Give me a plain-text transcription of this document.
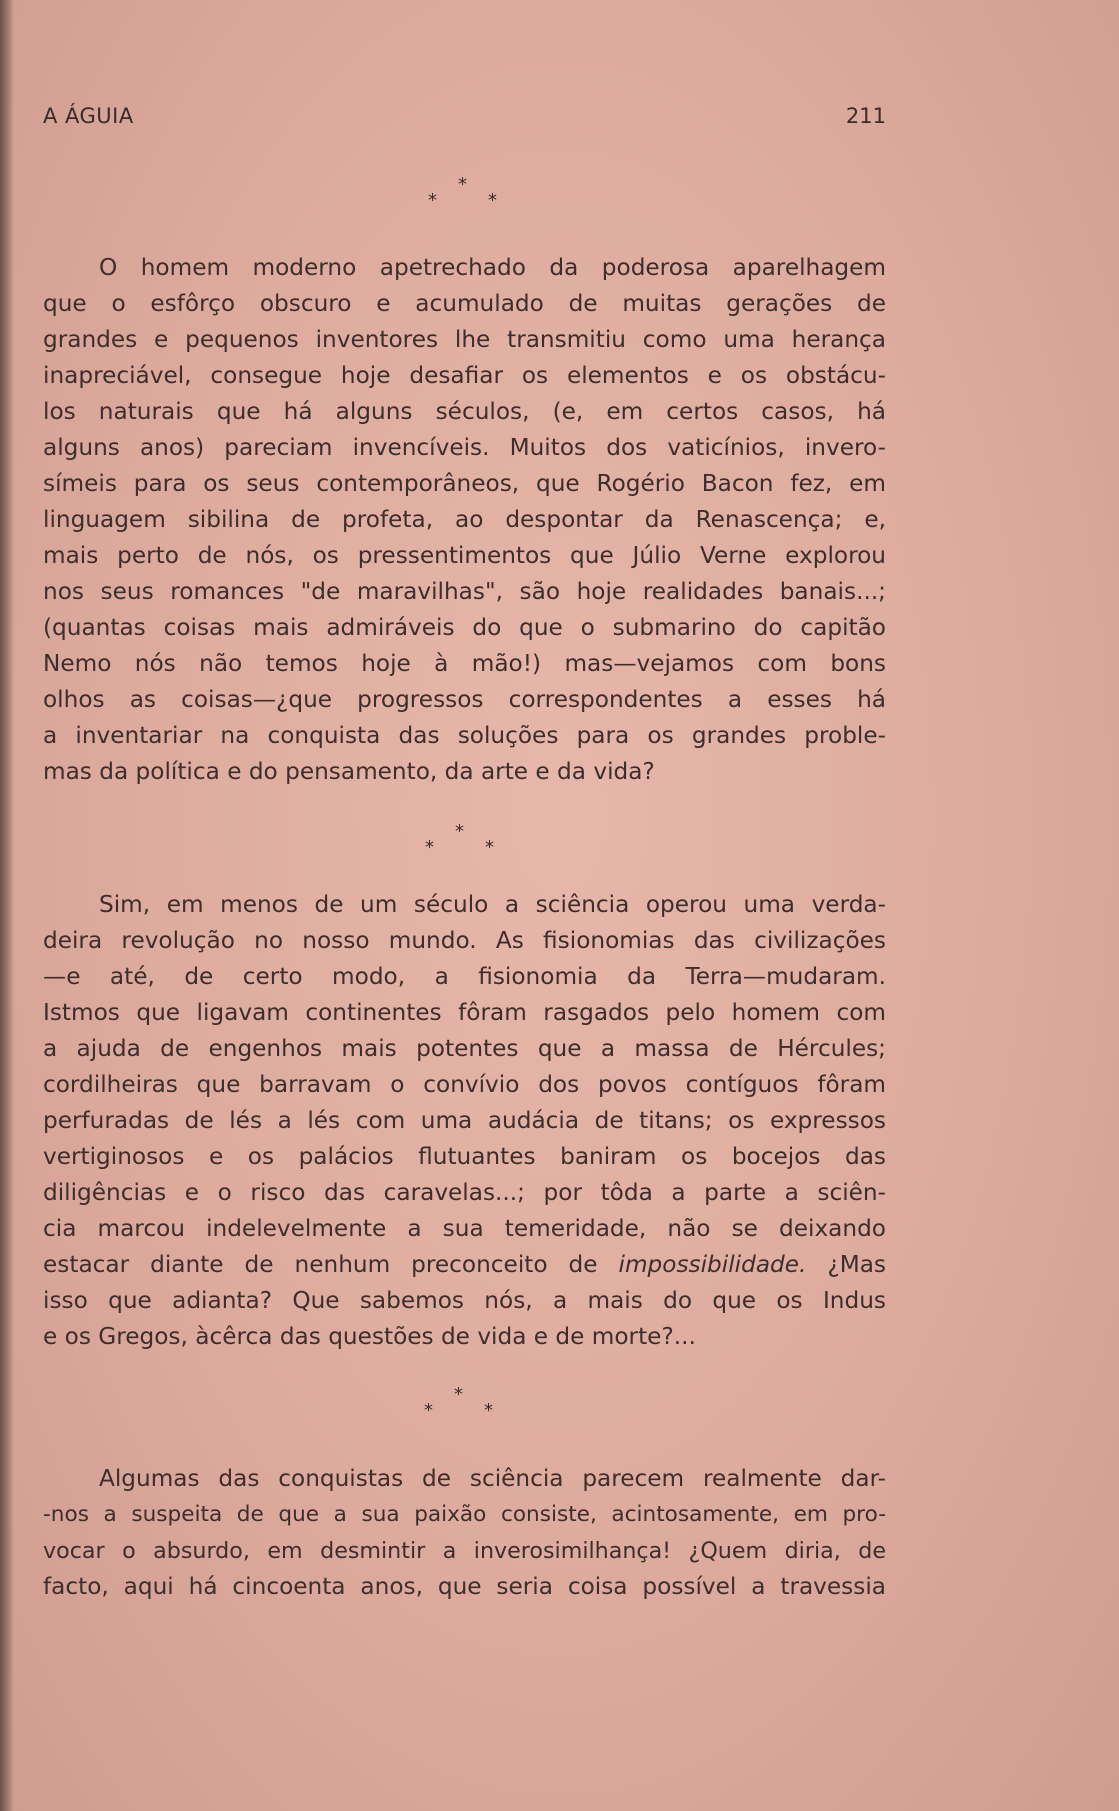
A ÁGUIA	211
*
*	*
O homem moderno apetrechado da poderosa aparelhagem
que o esfôrço obscuro e acumulado de muitas gerações de
grandes e pequenos inventores lhe transmitiu como uma herança
inapreciável, consegue hoje desafiar os elementos e os obstácu-
los naturais que há alguns séculos, (e, em certos casos, há
alguns anos) pareciam invencíveis. Muitos dos vaticínios, invero-
símeis para os seus contemporâneos, que Rogério Bacon fez, em
linguagem sibilina de profeta, ao despontar da Renascença; e,
mais perto de nós, os pressentimentos que Júlio Verne explorou
nos seus romances "de maravilhas", são hoje realidades banais...;
(quantas coisas mais admiráveis do que o submarino do capitão
Nemo nós não temos hoje à mão!) mas—vejamos com bons
olhos as coisas—¿que progressos correspondentes a esses há
a inventariar na conquista das soluções para os grandes proble-
mas da política e do pensamento, da arte e da vida?
*
*	*
Sim, em menos de um século a sciência operou uma verda-
deira revolução no nosso mundo. As fisionomias das civilizações
—e até, de certo modo, a fisionomia da Terra—mudaram.
Istmos que ligavam continentes fôram rasgados pelo homem com
a ajuda de engenhos mais potentes que a massa de Hércules;
cordilheiras que barravam o convívio dos povos contíguos fôram
perfuradas de lés a lés com uma audácia de titans; os expressos
vertiginosos e os palácios flutuantes baniram os bocejos das
diligências e o risco das caravelas...; por tôda a parte a sciên-
cia marcou indelevelmente a sua temeridade, não se deixando
estacar diante de nenhum preconceito de impossibilidade. ¿Mas
isso que adianta? Que sabemos nós, a mais do que os Indus
e os Gregos, àcêrca das questões de vida e de morte?...
*
*	*
Algumas das conquistas de sciência parecem realmente dar-
-nos a suspeita de que a sua paixão consiste, acintosamente, em pro-
vocar o absurdo, em desmintir a inverosimilhança! ¿Quem diria, de
facto, aqui há cincoenta anos, que seria coisa possível a travessia
